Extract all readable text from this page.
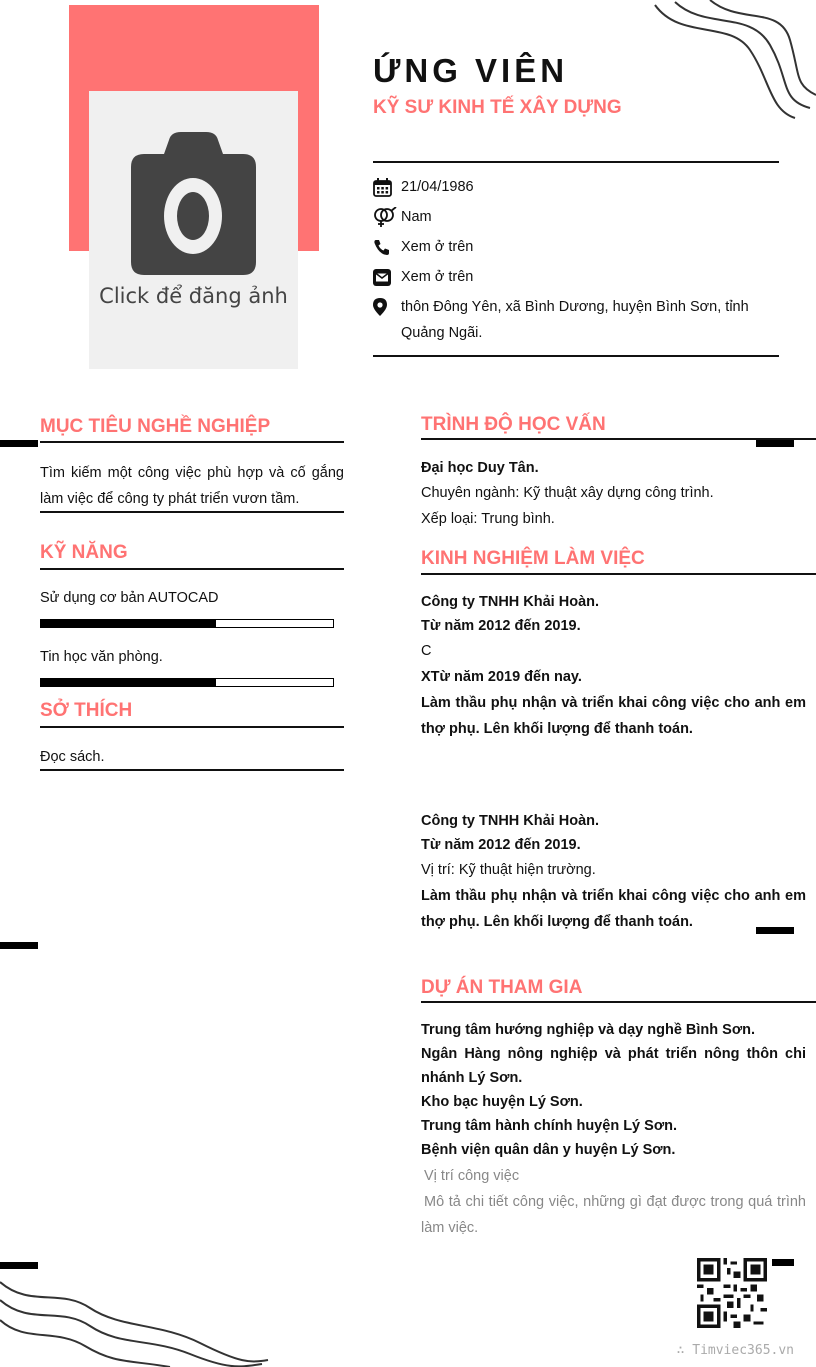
Click để đăng ảnh
ỨNG VIÊN
KỸ SƯ KINH TẾ XÂY DỰNG
21/04/1986
Nam
Xem ở trên
Xem ở trên
thôn Đông Yên, xã Bình Dương, huyện Bình Sơn, tỉnh Quảng Ngãi.
MỤC TIÊU NGHỀ NGHIỆP
Tìm kiếm một công việc phù hợp và cố gắng làm việc để công ty phát triển vươn tầm.
KỸ NĂNG
Sử dụng cơ bản AUTOCAD
Tin học văn phòng.
SỞ THÍCH
Đọc sách.
TRÌNH ĐỘ HỌC VẤN
Đại học Duy Tân.
Chuyên ngành: Kỹ thuật xây dựng công trình.
Xếp loại: Trung bình.
KINH NGHIỆM LÀM VIỆC
Công ty TNHH Khải Hoàn.
Từ năm 2012 đến 2019.
C
XTừ năm 2019 đến nay.
Làm thầu phụ nhận và triển khai công việc cho anh em thợ phụ. Lên khối lượng để thanh toán.
Công ty TNHH Khải Hoàn.
Từ năm 2012 đến 2019.
Vị trí: Kỹ thuật hiện trường.
Làm thầu phụ nhận và triển khai công việc cho anh em thợ phụ. Lên khối lượng để thanh toán.
DỰ ÁN THAM GIA
Trung tâm hướng nghiệp và dạy nghề Bình Sơn.
Ngân Hàng nông nghiệp và phát triển nông thôn chi nhánh Lý Sơn.
Kho bạc huyện Lý Sơn.
Trung tâm hành chính huyện Lý Sơn.
Bệnh viện quân dân y huyện Lý Sơn.
Vị trí công việc
Mô tả chi tiết công việc, những gì đạt được trong quá trình làm việc.
∴ Timviec365.vn
